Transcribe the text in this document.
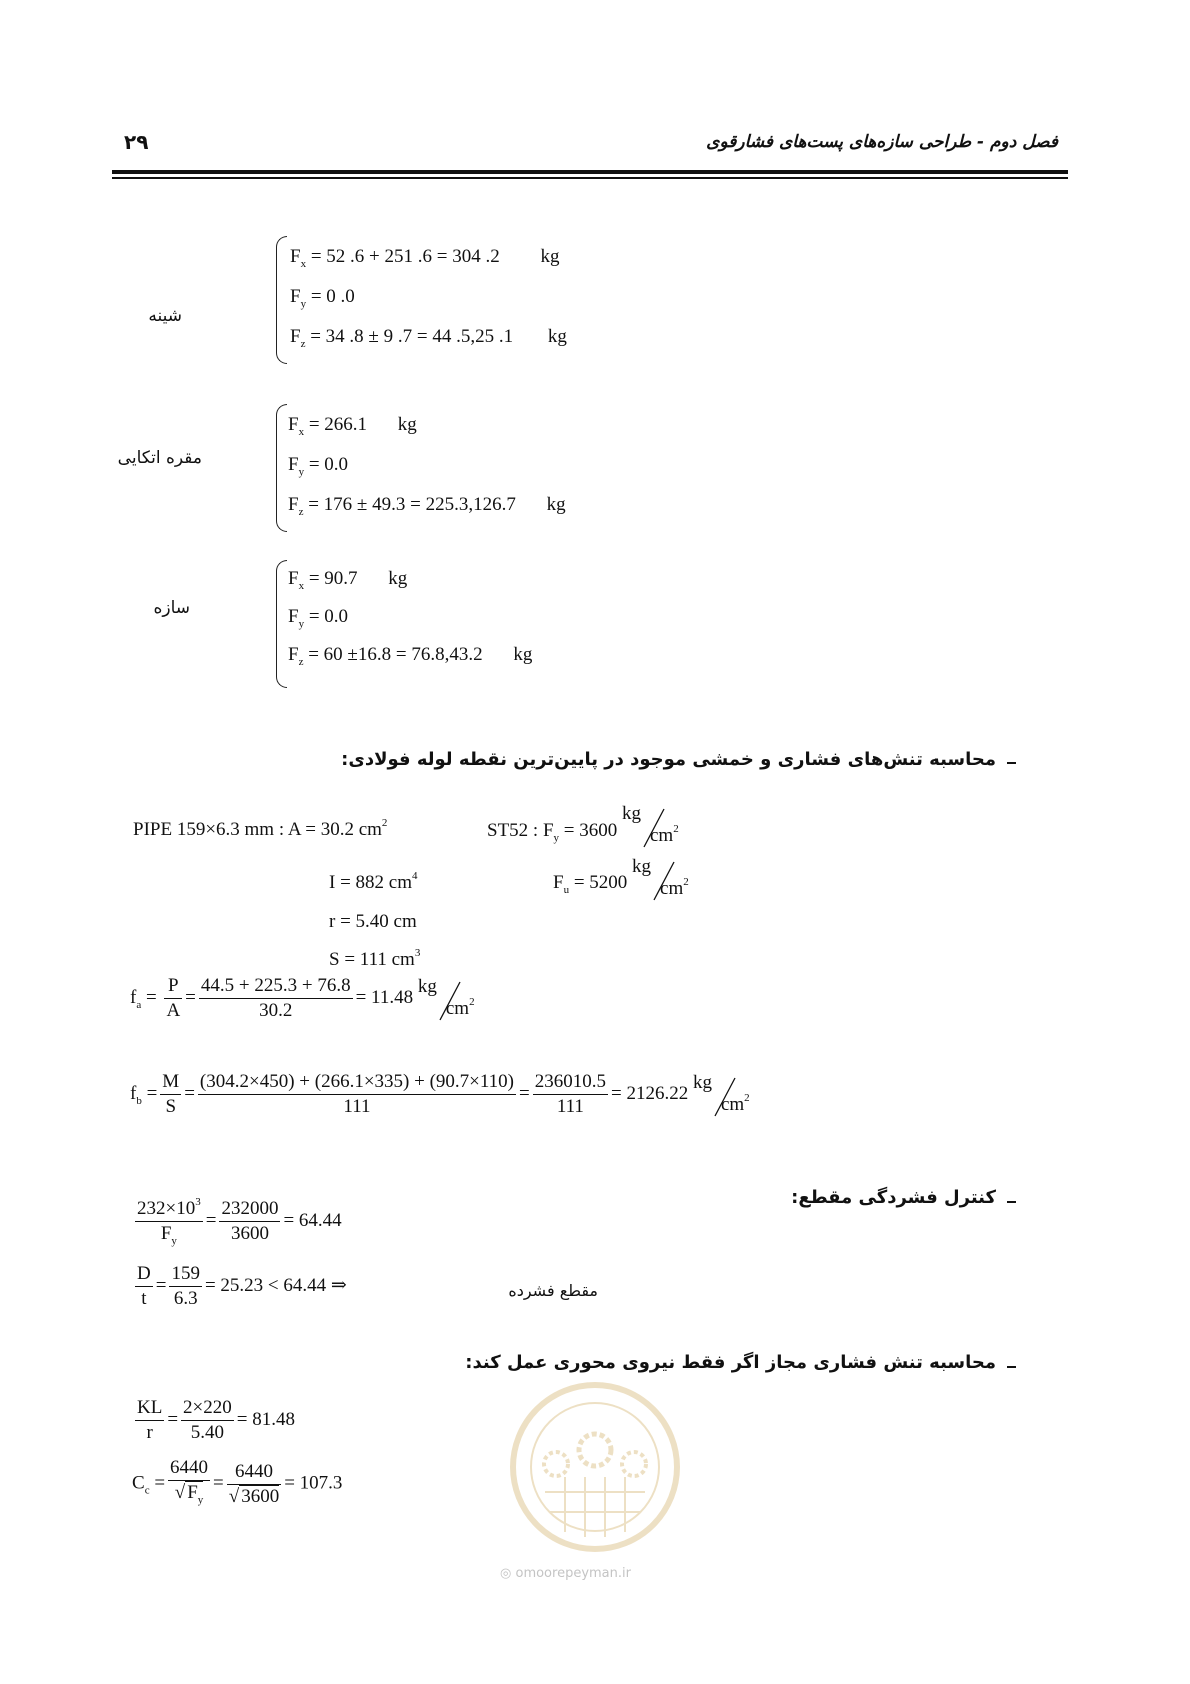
۲۹	فصل دوم - طراحی سازه‌های پست‌های فشارقوی
شینه
$F_x = 52$ .6 + 251 .6 = 304 .2 kg
$F_y = 0$ .0
$F_z = 34$ .8 ± 9 .7 = 44 .5,25 .1 kg
مقره اتکایی
$F_x = 266.1$ kg
$F_y = 0.0$
$F_z = 176 \pm 49.3 = 225.3,126.7$ kg
سازه
$F_x = 90.7$ kg
$F_y = 0.0$
$F_z = 60 \pm 16.8 = 76.8,43.2$ kg
محاسبه تنش‌های فشاری و خمشی موجود در پایین‌ترین نقطه لوله فولادی:
PIPE 159×6.3 mm : A = 30.2 $cm^2$	ST52 : $F_y = 3600$
kg
$cm^2$
I = 882 $cm^4$	$F_u = 5200$
kg
$cm^2$
r = 5.40 cm
S = 111 $cm^3$
$f_a = \frac{P}{A} = \frac{44.5 + 225.3 + 76.8}{30.2} = 11.48$
kg
$cm^2$
$f_b = \frac{M}{S} = \frac{(304.2\times 450) + (266.1\times 335) + (90.7\times 110)}{111} = \frac{236010.5}{111} = 2126.22$
kg
$cm^2$
کنترل فشردگی مقطع:
$\frac{232\times 10^3}{F_y} = \frac{232000}{3600} = 64.44$
$\frac{D}{t} = \frac{159}{6.3} = 25.23 < 64.44$ ⇒	مقطع فشرده
محاسبه تنش فشاری مجاز اگر فقط نیروی محوری عمل کند:
$\frac{KL}{r} = \frac{2\times 220}{5.40} = 81.48$
$C_c = \frac{6440}{√ F_y} = \frac{6440}{√ 3600} = 107.3$
◎ omoorepeyman.ir
